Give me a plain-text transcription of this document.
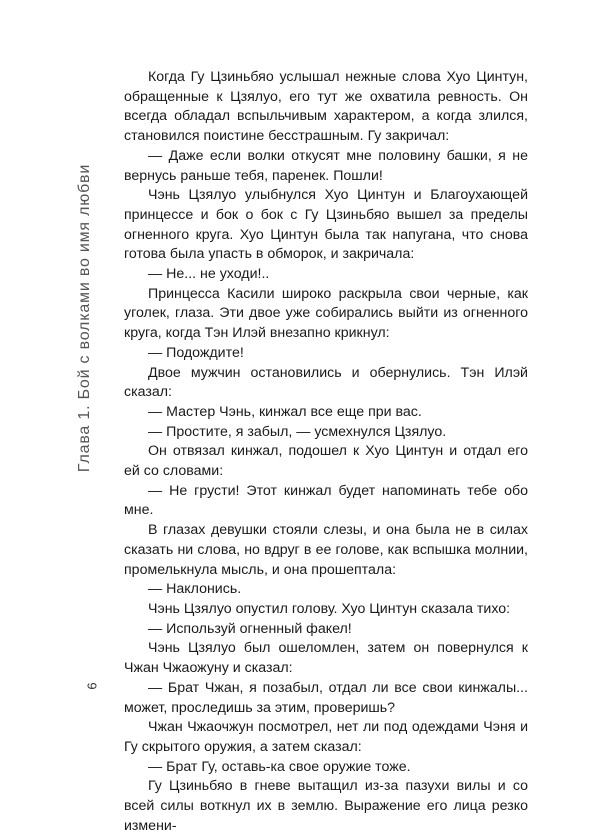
Глава 1. Бой с волками во имя любви

Когда Гу Цзиньбяо услышал нежные слова Хуо Цинтун, обращенные к Цзялуо, его тут же охватила ревность. Он всегда обладал вспыльчивым характером, а когда злился, становился поистине бесстрашным. Гу закричал:

— Даже если волки откусят мне половину башки, я не вернусь раньше тебя, паренек. Пошли!

Чэнь Цзялуо улыбнулся Хуо Цинтун и Благоухающей принцессе и бок о бок с Гу Цзиньбяо вышел за пределы огненного круга. Хуо Цинтун была так напугана, что снова готова была упасть в обморок, и закричала:

— Не... не уходи!..

Принцесса Касили широко раскрыла свои черные, как уголек, глаза. Эти двое уже собирались выйти из огненного круга, когда Тэн Илэй внезапно крикнул:

— Подождите!

Двое мужчин остановились и обернулись. Тэн Илэй сказал:

— Мастер Чэнь, кинжал все еще при вас.

— Простите, я забыл, — усмехнулся Цзялуо.

Он отвязал кинжал, подошел к Хуо Цинтун и отдал его ей со словами:

— Не грусти! Этот кинжал будет напоминать тебе обо мне.

В глазах девушки стояли слезы, и она была не в силах сказать ни слова, но вдруг в ее голове, как вспышка молнии, промелькнула мысль, и она прошептала:

— Наклонись.

Чэнь Цзялуо опустил голову. Хуо Цинтун сказала тихо:

— Используй огненный факел!

Чэнь Цзялуо был ошеломлен, затем он повернулся к Чжан Чжаожуну и сказал:

— Брат Чжан, я позабыл, отдал ли все свои кинжалы... может, проследишь за этим, проверишь?

Чжан Чжаочжун посмотрел, нет ли под одеждами Чэня и Гу скрытого оружия, а затем сказал:

— Брат Гу, оставь-ка свое оружие тоже.

Гу Цзиньбяо в гневе вытащил из-за пазухи вилы и со всей силы воткнул их в землю. Выражение его лица резко измени-

6
